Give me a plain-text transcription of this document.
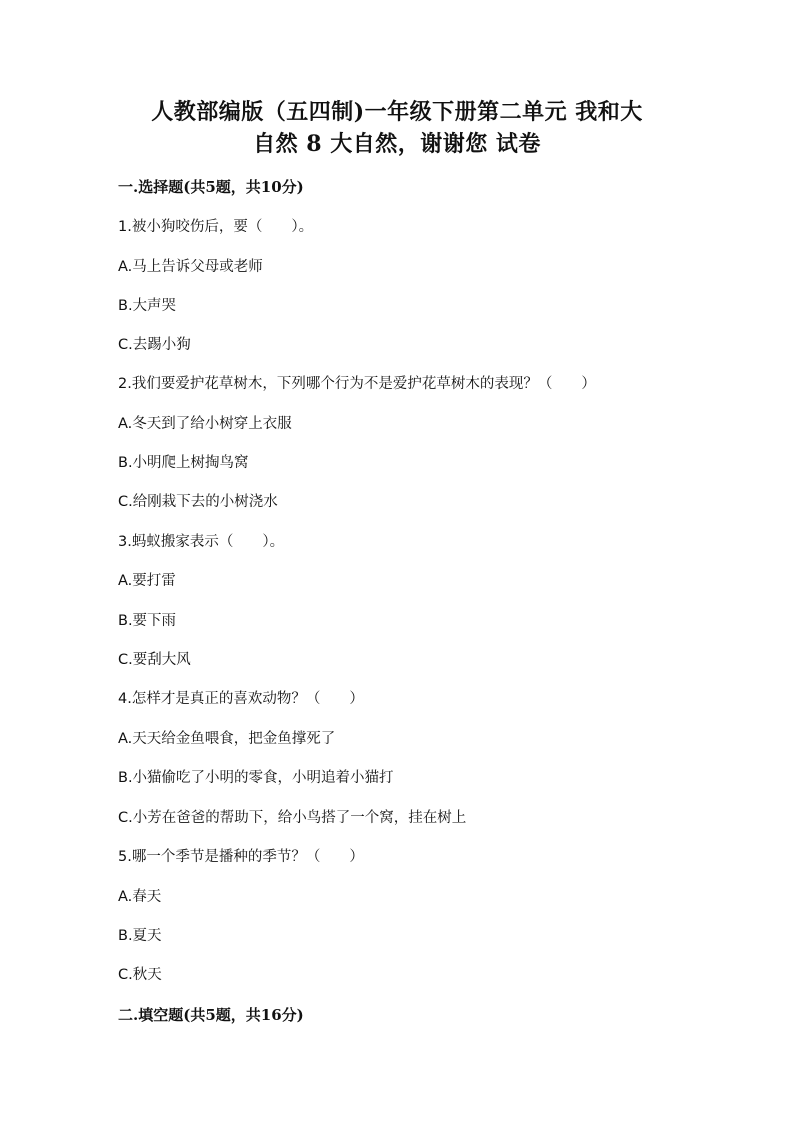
人教部编版（五四制)一年级下册第二单元 我和大
自然 8 大自然，谢谢您 试卷
一.选择题(共5题，共10分)
1.被小狗咬伤后，要（　　）。
A.马上告诉父母或老师
B.大声哭
C.去踢小狗
2.我们要爱护花草树木，下列哪个行为不是爱护花草树木的表现？（　　）
A.冬天到了给小树穿上衣服
B.小明爬上树掏鸟窝
C.给刚栽下去的小树浇水
3.蚂蚁搬家表示（　　）。
A.要打雷
B.要下雨
C.要刮大风
4.怎样才是真正的喜欢动物？（　　）
A.天天给金鱼喂食，把金鱼撑死了
B.小猫偷吃了小明的零食，小明追着小猫打
C.小芳在爸爸的帮助下，给小鸟搭了一个窝，挂在树上
5.哪一个季节是播种的季节？（　　）
A.春天
B.夏天
C.秋天
二.填空题(共5题，共16分)
